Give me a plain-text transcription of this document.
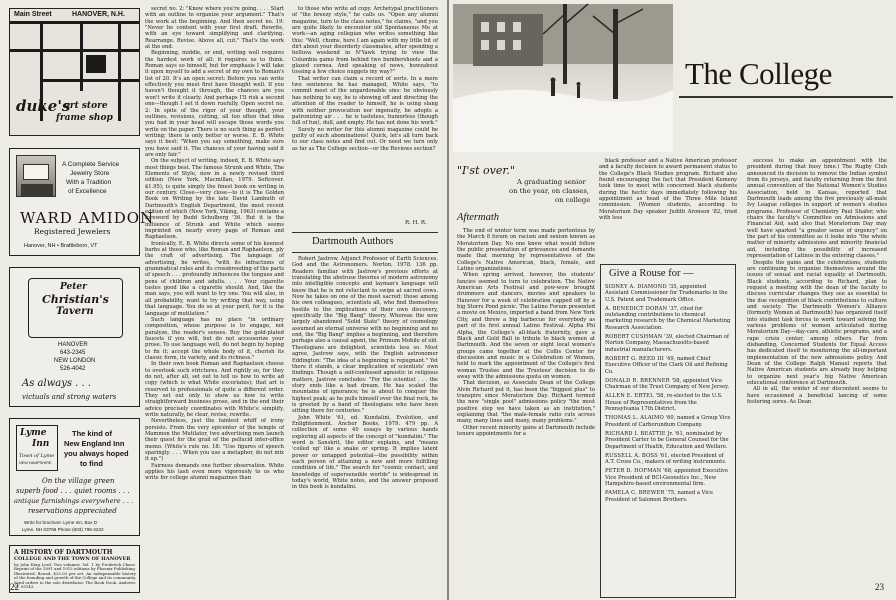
Main Street	HANOVER, N.H.
duke's
art store
frame shop
A Complete Service
Jewelry Store
With a Tradition
of Excellence
WARD AMIDON
Registered Jewelers
Hanover, NH • Brattleboro, VT
Peter
Christian's
Tavern
HANOVER
643-2345
NEW LONDON
526-4042
As always . . .
victuals and strong waters
Lyme
Inn
Town of Lyme
NEW HAMPSHIRE
The kind of
New England Inn
you always hoped
to find
On the village green
superb food . . . quiet rooms . . .
antique furnishings everywhere . . .
reservations appreciated
Write for brochure: Lyme Inn, Box D
Lyme, NH 03768 Phone (603) 795-2222
A HISTORY OF DARTMOUTH
COLLEGE AND THE TOWN OF HANOVER
by John King Lord. Two volumes. Vol. 1 by Frederick Chase. Reprint of the 1891 and 1913 editions by Phoenix Publishing. Illustrated, Bound, $25.00 per set. An indispensable history of the founding and growth of the College and its community. Send orders to the sole distributor, The Book Nook, Andover, Vt. 05143.
22

secret no. 2: "Know where you're going. . . . Start with an outline to organize your argument." That's the work at the beginning. And then secret no. 19: "Never be content with your first draft. Rewrite, with an eye toward simplifying and clarifying. Rearrange. Revise. Above all, cut." That's the work at the end.

Beginning, middle, or end, writing well requires the hardest work of all: it requires us to think. Roman says so himself, but for emphasis I will take it upon myself to add a secret of my own to Roman's list of 20. It's an open secret: Before you can write effectively you must first have thought well. If you haven't thought it through, the chances are you won't write it clearly. And perhaps I'll risk a second one—though I set it down ruefully. Open secret no. 2: In spite of the rigor of your thought, your outlines, revisions, cutting, all too often that idea you had in your head will escape those words you write on the paper. There is no such thing as perfect writing; there is only better or worse. E. B. White says it best: "When you say something, make sure you have said it. The chances of your having said it are only fair."

On the subject of writing, indeed, E. B. White says most things best. The famous Strunk and White, The Elements of Style, now in a newly revised third edition (New York, Macmillan, 1979. Softcover. $1.95), is quite simply the finest book on writing in our century. Close—very close—to it is The Golden Book on Writing by the late David Lambuth of Dartmouth's English Department, the most recent edition of which (New York, Viking, 1963) contains a foreword by Budd Schulberg '36. But it is the influence of Strunk and White which seems imprinted on nearly every page of Roman and Raphaelson.

Ironically, E. B. White directs some of his keenest barbs at those who, like Roman and Raphaelson, ply the craft of advertising. The language of advertising, he writes, "with its infractions of grammatical rules and its crossbreeding of the parts of speech . . . profoundly influences the tongues and pens of children and adults. . . . Your cigarette tastes good like a cigarette should. And, like the man says, you will want to try one. You will also, in all probability, want to try writing that way, using that language. You do so at your peril, for it is the language of mutilation."

Such language has no place "in ordinary composition, whose purpose is to engage, not paralyze, the reader's senses. Buy the gold-plated faucets if you will, but do not accessorize your prose. To use language well, do not begin by hoping to fix it; accept the whole body of it, cherish its classic form, its variety, and its richness."

In their own book Roman and Raphaelson choose to overlook such strictures. And rightly so, for they do not, after all, set out to tell us how to write ad copy (which is what White excoriates); that art is reserved to professionals of quite a different order. They set out only to show us how to write straightforward business prose, and in the end their advice precisely coordinates with White's: simplify, write naturally, be clear, revise, rewrite.

Nevertheless, just the faintest whiff of irony persists. From the very epicenter of the temple of Mammon the Mutilator, two advertising men launch their quest for the grail of the pellucid inter-office memo. (White's rule no. 18: "Use figures of speech sparingly. . . . When you use a metaphor, do not mix it up.")

Fairness demands one further observation. White applies his lash even more vigorously to us who write for college alumni magazines than

to those who write ad copy. Archetypal practitioners of "the breezy style," he calls us. "Open any alumni magazine, turn to the class notes," he claims, "and you are quite likely to encounter old Spontaneous Me at work—an aging collegian who writes something like this: "Well, chums, here I am again with my little bit of dirt about your disorderly classmates, after spending a helluva weekend in N'Yawk trying to view the Columbia game from behind two bumbershoots and a glazed cornea. And speaking of news, howzabout tossing a few choice nuggets my way?"

That writer can claim a record of sorts. In a mere two sentences he has managed, White says, "to commit most of the unpardonable sins: he obviously has nothing to say, he is showing off and directing the attention of the reader to himself, he is using slang with neither provocation nor ingenuity, he adopts a patronizing air . . . he is tasteless, humorless (though full of fun), dull, and empty. He has not done his work."

Surely no writer for this alumni magazine could be guilty of such abominations! Quick, let's all turn back to our class notes and find out. Or need we turn only as far as The College section—or the Reviews section?

R. H. R.
Dartmouth Authors

Robert Jastrow, Adjunct Professor of Earth Sciences. God and the Astronomers. Norton, 1978. 136 pp. Readers familiar with Jastrow's previous efforts at translating the abstruse theories of modern astronomy into intelligible concepts and layman's language will know that he is not reluctant to swipe at sacred cows. Now he takes on one of the most sacred: those among his own colleagues, scientists all, who find themselves hostile to the implications of their own discovery, specifically the "Big Bang" theory. Whereas the now largely abandoned "Solid State" theory of cosmology assumed an eternal universe with no beginning and no end, the "Big Bang" implies a beginning, and therefore perhaps also a causal agent, the Primum Mobile of old. Theologians are delighted, scientists less so. Most agree, Jastrow says, with the English astronomer Eddington: "The idea of a beginning is repugnant." Yet there it stands, a clear implication of scientists' own findings. Though a self-confessed agnostic in religious matters, Jastrow concludes: "For the scientist . . . the story ends like a bad dream. He has scaled the mountains of ignorance; he is about to conquer the highest peak; as he pulls himself over the final rock, he is greeted by a band of theologians who have been sitting there for centuries."

John White '61, ed. Kundalini, Evolution, and Enlightenment. Anchor Books, 1979. 479 pp. A collection of some 40 essays by various hands exploring all aspects of the concept of "kundalini." The word is Sanskrit, the editor explains, and "means 'coiled up' like a snake or spring. It implies latent power or untapped potential—the possibility within each person of attaining a new and more fulfilling condition of life." The search for "cosmic contact, and knowledge of supersensible worlds" is widespread in today's world, White notes, and the answer proposed in this book is kundalini.

The College
"I'st over."
A graduating senior
on the year, on classes,
on college
Aftermath

The end of winter term was made portentous by the March 8 forum on racism and sexism known as Moratorium Day. No one knew what would follow the public presentation of grievances and demands made that morning by representatives of the College's Native American, black, female, and Latino organizations.

When spring arrived, however, the students' fancies seemed to turn to celebration. The Native American Arts Festival and pow-wow brought drummers and dancers, movies and speakers to Hanover for a week of celebration capped off by a big Storrs Pond picnic. The Latino Forum presented a movie on Mexico, imported a band from New York City, and threw a big barbecue for everybody as part of its first annual Latino Festival. Alpha Phi Alpha, the College's all-black fraternity, gave a Black and Gold Ball in tribute to black women at Dartmouth. And the seven or eight local women's groups came together at the Collis Center for discussion and music in a Celebration of Women, held to mark the appointment of the College's first woman Trustee and the Trustees' decision to do away with the admissions quota on women.

That decision, as Associate Dean of the College Alvin Richard put it, has been the "biggest plus" to transpire since Moratorium Day. Richard termed the new "single pool" admissions policy "the most positive step we have taken as an institution," explaining that "the male-female ratio cuts across many, many lines and many, many problems."

Other recent minority gains at Dartmouth include tenure appointments for a

black professor and a Native American professor and a faculty decision to award permanent status to the College's Black Studies program. Richard also found encouraging the fact that President Kemeny took time to meet with concerned black students during the hectic days immediately following his appointment as head of the Three Mile Island commission. (Women students, according to Moratorium Day speaker Judith Aronson '82, tried with less

Give a Rouse for —
SIDNEY A. DIAMOND '35, appointed Assistant Commissioner for Trademarks in the U.S. Patent and Trademark Office.
A. BENEDICT DORAN '37, cited for outstanding contributions to chemical marketing research by the Chemical Marketing Research Association.
ROBERT CUSHMAN '39, elected Chairman of Norton Company, Massachusetts-based industrial manufacturers.
ROBERT G. REED III '49, named Chief Executive Officer of the Clark Oil and Refining Co.
DONALD R. BRENNER '58, appointed Vice Chairman of the Trust Company of New Jersey.
ALLEN E. ERTEL '58, re-elected to the U.S. House of Representatives from the Pennsylvania 17th District.
THOMAS L. ALAIMO '60, named a Group Vice President of Carborundum Company.
RICHARD I. BEATTIE Jr. '61, nominated by President Carter to be General Counsel for the Department of Health, Education and Welfare.
RUSSELL A. BOSS '61, elected President of A.T. Cross Co., makers of writing instruments.
PETER D. HOFMAN '68, appointed Executive Vice President of BCI-Geonetics Inc., New Hampshire-based environmental firm.
PAMELA C. BREWER '75, named a Vice President of Salomon Brothers.

success to make an appointment with the president during that busy time.) The Rugby Club announced its decision to remove the Indian symbol from its jerseys, and faculty returning from the first annual convention of the National Women's Studies Association, held in Kansas, reported that Dartmouth leads among the five previously all-male Ivy League colleges in support of women's studies programs. Professor of Chemistry Paul Shafer, who chairs the faculty's Committee on Admissions and Financial Aid, said also that Moratorium Day may well have sparked "a greater sense of urgency" on the part of his committee as it looks into "the whole matter of minority admissions and minority financial aid, including the possibility of increased representation of Latinos in the entering classes."

Despite the gains and the celebrations, students are continuing to organize themselves around the issues of sexual and racial equality at Dartmouth. Black students, according to Richard, plan to request a meeting with the dean of the faculty to discuss curricular changes they see as essential to the due recognition of black contributions to culture and society. The Dartmouth Women's Alliance (formerly Women at Dartmouth) has organized itself into student task forces to work toward solving the various problems of women articulated during Moratorium Day—day-care, athletic programs, and a rape crisis center, among others. Far from disbanding, Concerned Students for Equal Access has dedicated itself to monitoring the all-important implementation of the new admissions policy. And Dean of the College Ralph Manuel reports that Native American students are already busy helping to organize next year's big Native American educational conference at Dartmouth.

All in all, the winter of our discontent seems to have occasioned a beneficial lancing of some festering sores. As Dean

23
